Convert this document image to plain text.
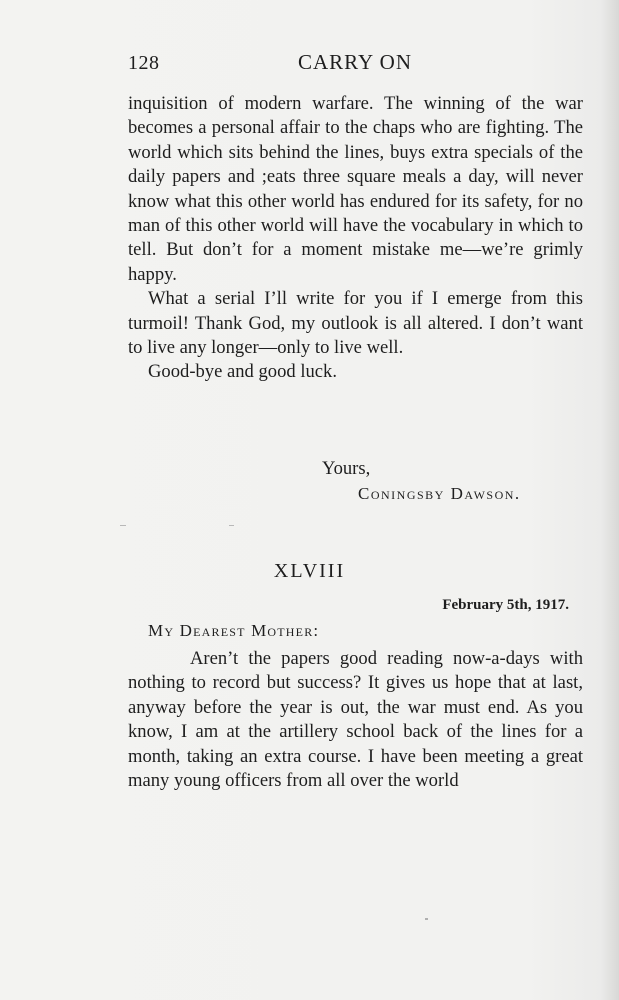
128	CARRY ON

inquisition of modern warfare. The winning of the war becomes a personal affair to the chaps who are fighting. The world which sits behind the lines, buys extra specials of the daily papers and ;eats three square meals a day, will never know what this other world has endured for its safety, for no man of this other world will have the vocabulary in which to tell. But don’t for a moment mistake me—we’re grimly happy.

What a serial I’ll write for you if I emerge from this turmoil! Thank God, my outlook is all altered. I don’t want to live any longer—only to live well.

Good-bye and good luck.

Yours,
Coningsby Dawson.
XLVIII
February 5th, 1917.
My Dearest Mother:

Aren’t the papers good reading now-a-days with nothing to record but success? It gives us hope that at last, anyway before the year is out, the war must end. As you know, I am at the artillery school back of the lines for a month, taking an extra course. I have been meeting a great many young officers from all over the world
